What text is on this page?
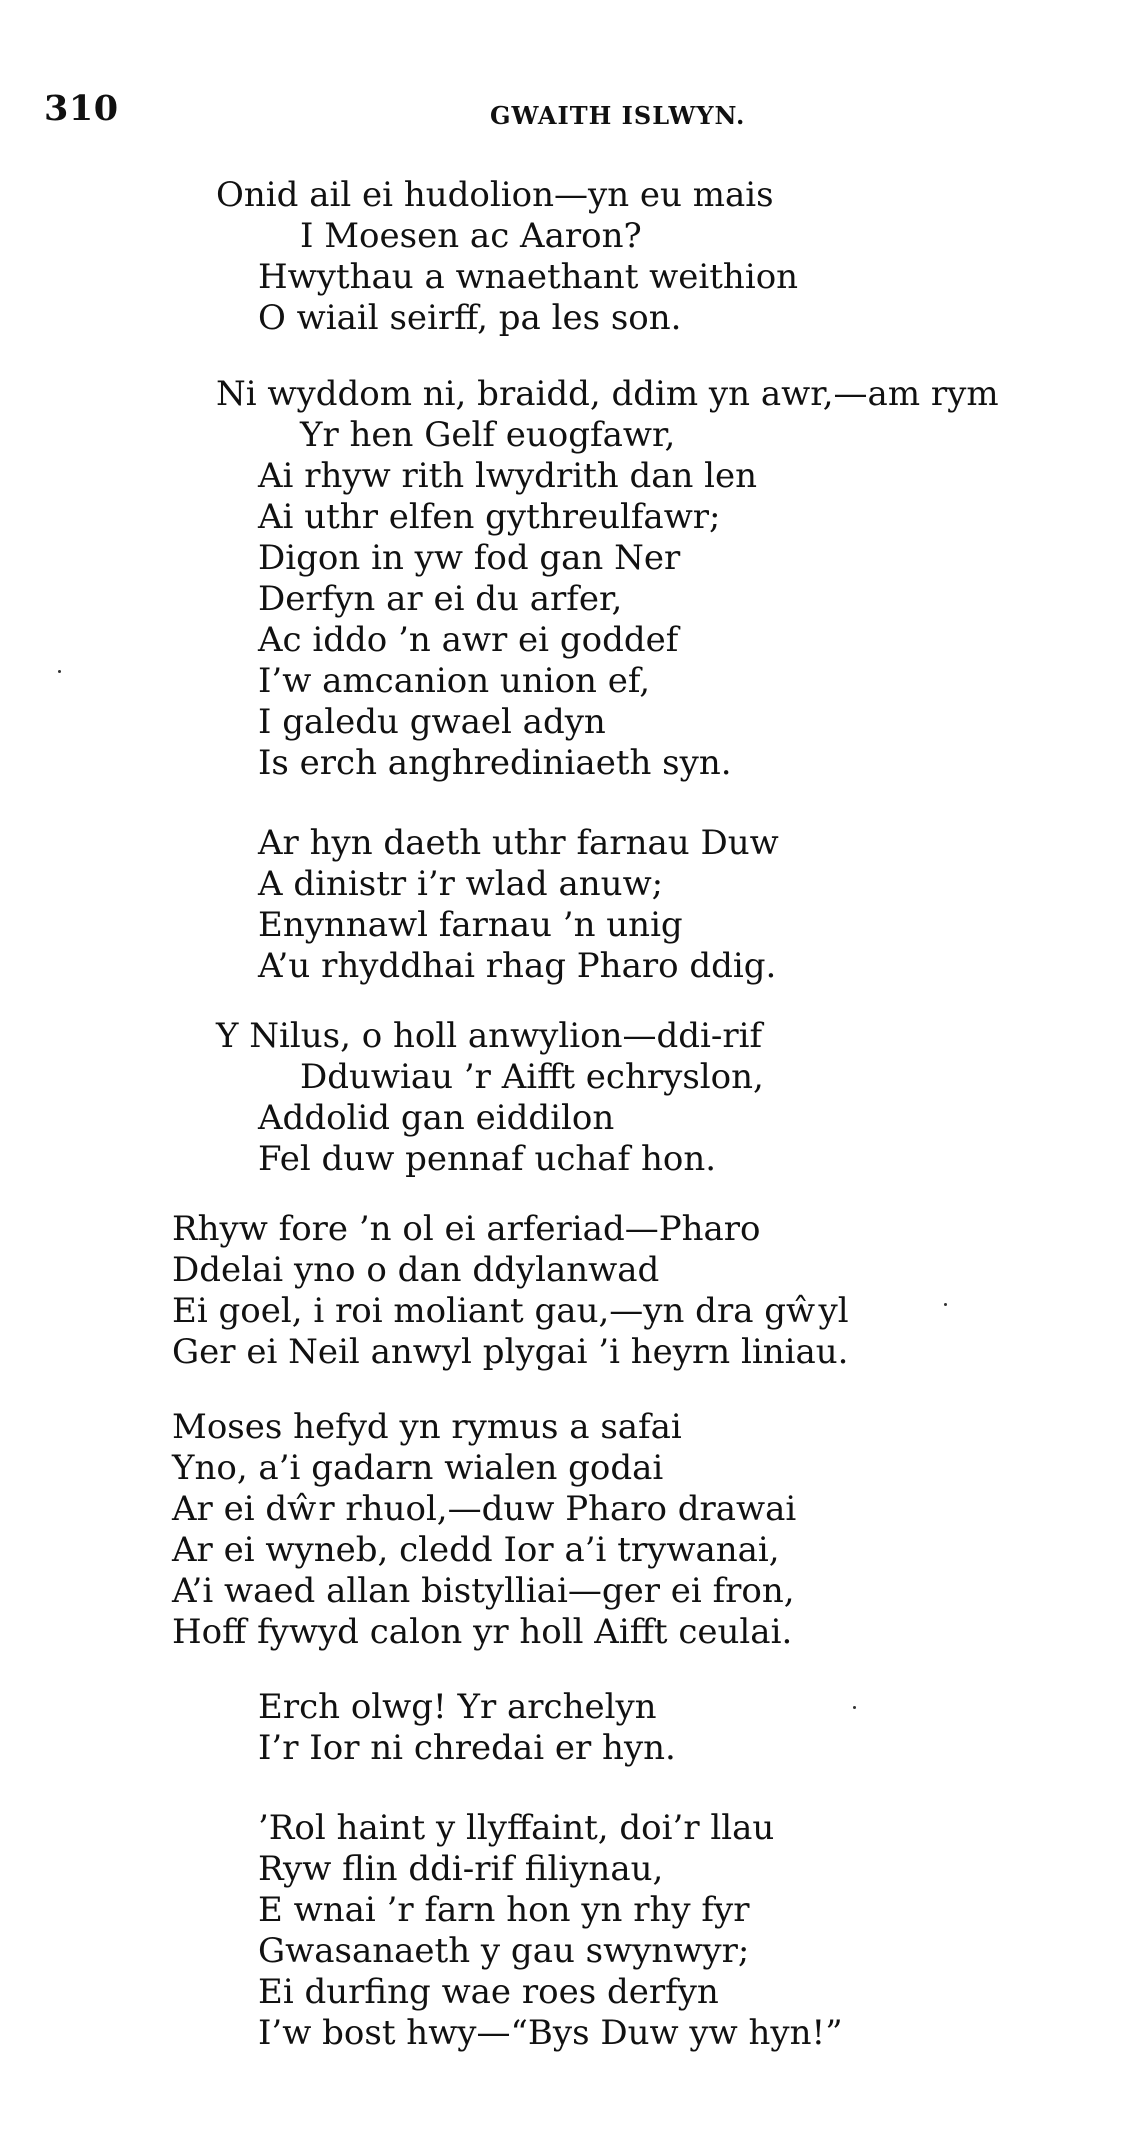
310	GWAITH ISLWYN.
Onid ail ei hudolion—yn eu mais
I Moesen ac Aaron?
Hwythau a wnaethant weithion
O wiail seirff, pa les son.
Ni wyddom ni, braidd, ddim yn awr,—am rym
Yr hen Gelf euogfawr,
Ai rhyw rith lwydrith dan len
Ai uthr elfen gythreulfawr;
Digon in yw fod gan Ner
Derfyn ar ei du arfer,
Ac iddo ’n awr ei goddef
I’w amcanion union ef,
I galedu gwael adyn
Is erch anghrediniaeth syn.
Ar hyn daeth uthr farnau Duw
A dinistr i’r wlad anuw;
Enynnawl farnau ’n unig
A’u rhyddhai rhag Pharo ddig.
Y Nilus, o holl anwylion—ddi-rif
Dduwiau ’r Aifft echryslon,
Addolid gan eiddilon
Fel duw pennaf uchaf hon.
Rhyw fore ’n ol ei arferiad—Pharo
Ddelai yno o dan ddylanwad
Ei goel, i roi moliant gau,—yn dra gŵyl
Ger ei Neil anwyl plygai ’i heyrn liniau.
Moses hefyd yn rymus a safai
Yno, a’i gadarn wialen godai
Ar ei dŵr rhuol,—duw Pharo drawai
Ar ei wyneb, cledd Ior a’i trywanai,
A’i waed allan bistylliai—ger ei fron,
Hoff fywyd calon yr holl Aifft ceulai.
Erch olwg! Yr archelyn
I’r Ior ni chredai er hyn.
’Rol haint y llyffaint, doi’r llau
Ryw flin ddi-rif filiynau,
E wnai ’r farn hon yn rhy fyr
Gwasanaeth y gau swynwyr;
Ei durfing wae roes derfyn
I’w bost hwy—“Bys Duw yw hyn!”
